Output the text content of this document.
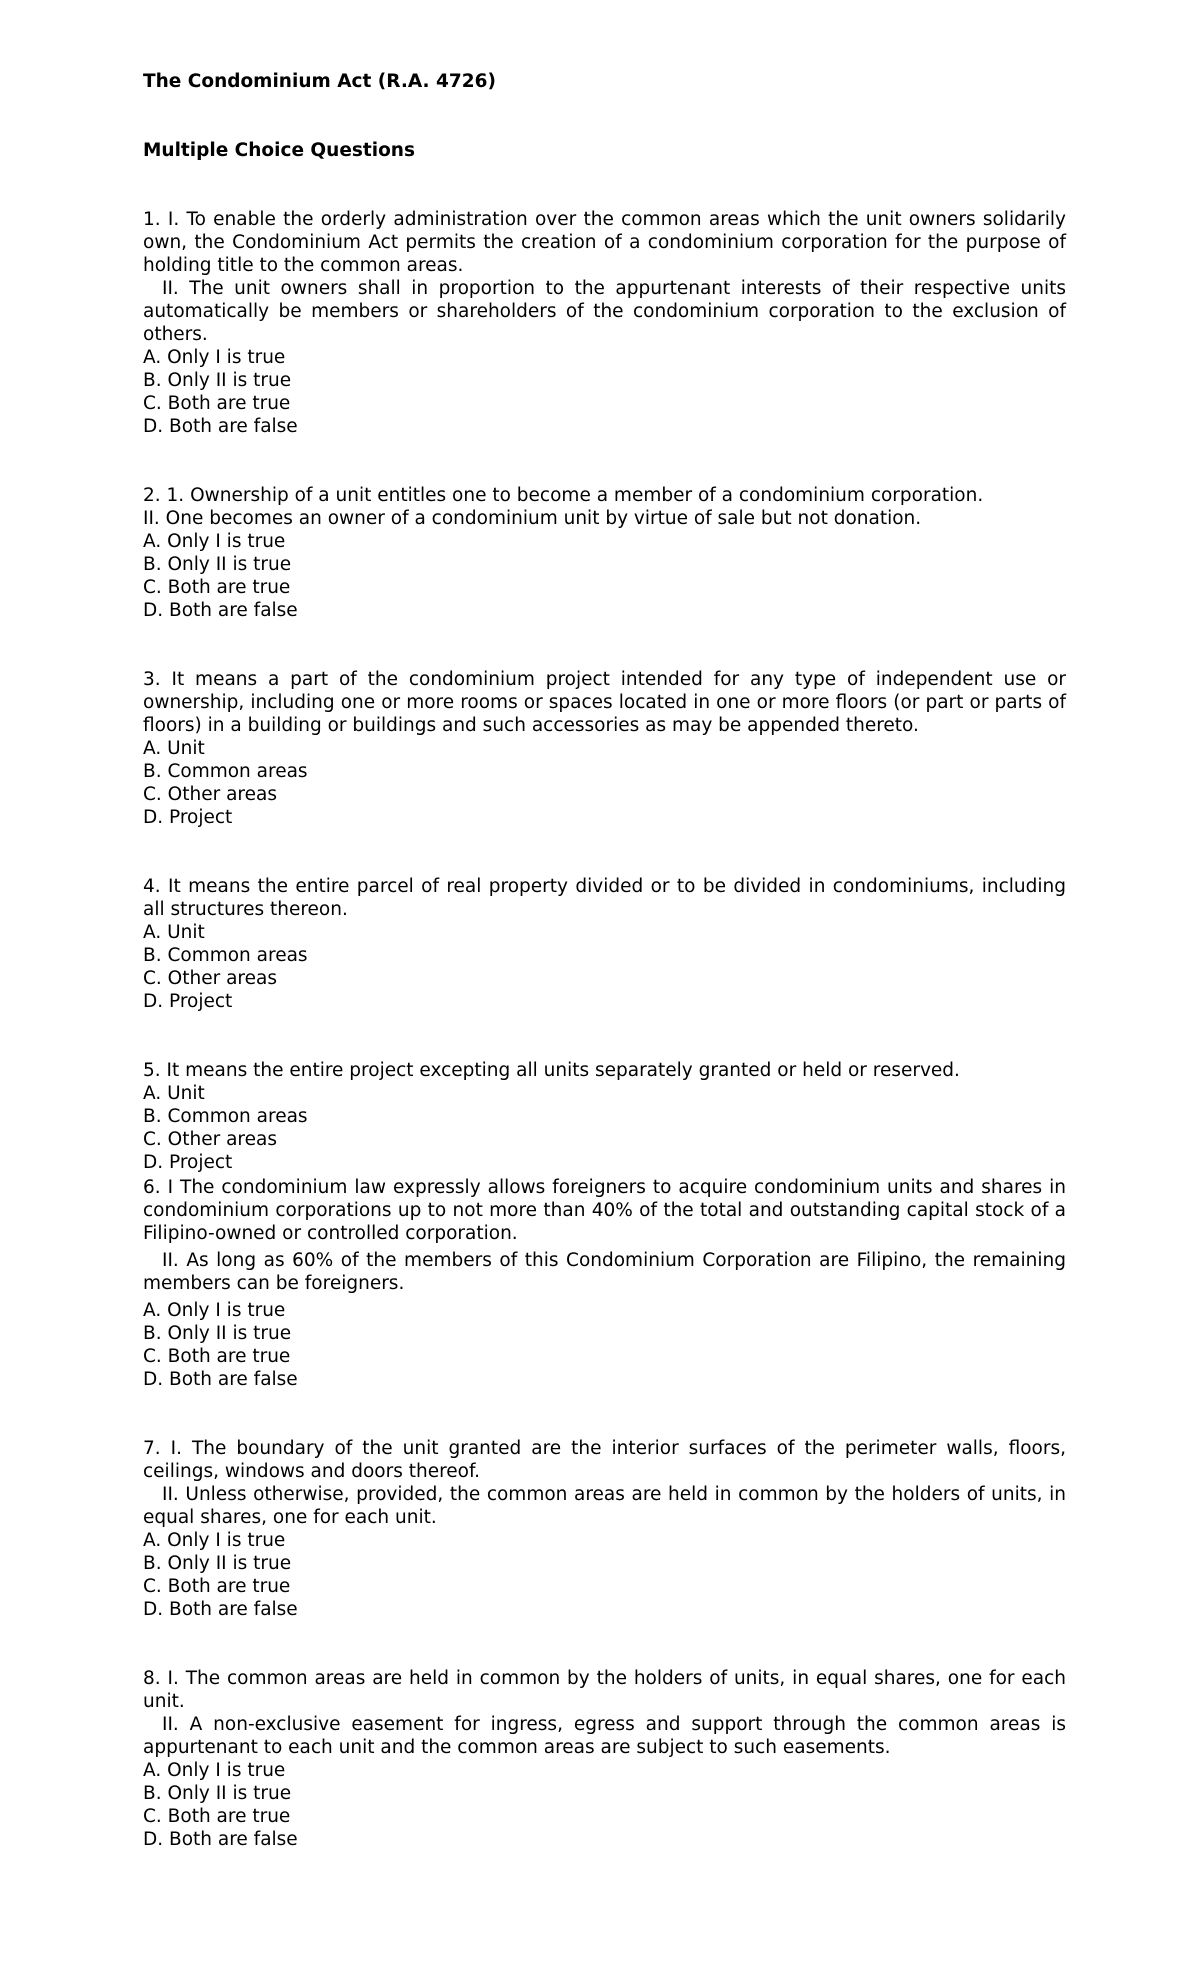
The Condominium Act (R.A. 4726)
Multiple Choice Questions

1. I. To enable the orderly administration over the common areas which the unit owners solidarily own, the Condominium Act permits the creation of a condominium corporation for the purpose of holding title to the common areas.

II. The unit owners shall in proportion to the appurtenant interests of their respective units automatically be members or shareholders of the condominium corporation to the exclusion of others.

A. Only I is true

B. Only II is true

C. Both are true

D. Both are false

2. 1. Ownership of a unit entitles one to become a member of a condominium corporation.

II. One becomes an owner of a condominium unit by virtue of sale but not donation.

A. Only I is true

B. Only II is true

C. Both are true

D. Both are false

3. It means a part of the condominium project intended for any type of independent use or ownership, including one or more rooms or spaces located in one or more floors (or part or parts of floors) in a building or buildings and such accessories as may be appended thereto.

A. Unit

B. Common areas

C. Other areas

D. Project

4. It means the entire parcel of real property divided or to be divided in condominiums, including all structures thereon.

A. Unit

B. Common areas

C. Other areas

D. Project

5. It means the entire project excepting all units separately granted or held or reserved.

A. Unit

B. Common areas

C. Other areas

D. Project

6. I The condominium law expressly allows foreigners to acquire condominium units and shares in condominium corporations up to not more than 40% of the total and outstanding capital stock of a Filipino-owned or controlled corporation.

II. As long as 60% of the members of this Condominium Corporation are Filipino, the remaining members can be foreigners.

A. Only I is true

B. Only II is true

C. Both are true

D. Both are false

7. I. The boundary of the unit granted are the interior surfaces of the perimeter walls, floors, ceilings, windows and doors thereof.

II. Unless otherwise, provided, the common areas are held in common by the holders of units, in equal shares, one for each unit.

A. Only I is true

B. Only II is true

C. Both are true

D. Both are false

8. I. The common areas are held in common by the holders of units, in equal shares, one for each unit.

II. A non-exclusive easement for ingress, egress and support through the common areas is appurtenant to each unit and the common areas are subject to such easements.

A. Only I is true

B. Only II is true

C. Both are true

D. Both are false
